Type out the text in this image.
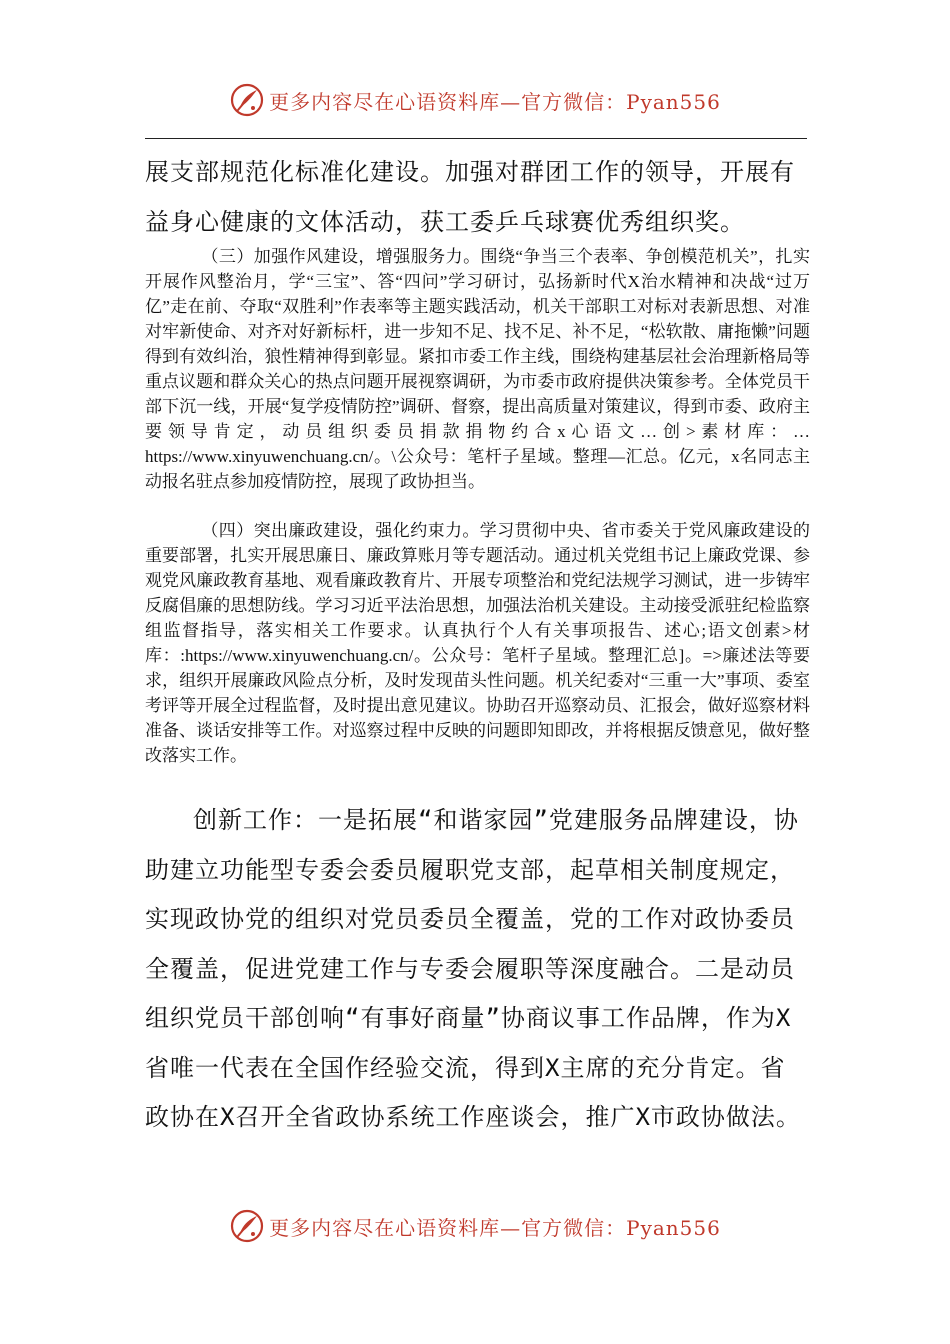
更多内容尽在心语资料库—官方微信：Pyan556

展支部规范化标准化建设。加强对群团工作的领导，开展有益身心健康的文体活动，获工委乒乓球赛优秀组织奖。

（三）加强作风建设，增强服务力。围绕“争当三个表率、争创模范机关”，扎实开展作风整治月，学“三宝”、答“四问”学习研讨，弘扬新时代X治水精神和决战“过万亿”走在前、夺取“双胜利”作表率等主题实践活动，机关干部职工对标对表新思想、对准对牢新使命、对齐对好新标杆，进一步知不足、找不足、补不足，“松软散、庸拖懒”问题得到有效纠治，狼性精神得到彰显。紧扣市委工作主线，围绕构建基层社会治理新格局等重点议题和群众关心的热点问题开展视察调研，为市委市政府提供决策参考。全体党员干部下沉一线，开展“复学疫情防控”调研、督察，提出高质量对策建议，得到市委、政府主要领导肯定，动员组织委员捐款捐物约合x心语文…创>素材库：…https://www.xinyuwenchuang.cn/。\公众号：笔杆子星域。整理—汇总。亿元，x名同志主动报名驻点参加疫情防控，展现了政协担当。

（四）突出廉政建设，强化约束力。学习贯彻中央、省市委关于党风廉政建设的重要部署，扎实开展思廉日、廉政算账月等专题活动。通过机关党组书记上廉政党课、参观党风廉政教育基地、观看廉政教育片、开展专项整治和党纪法规学习测试，进一步铸牢反腐倡廉的思想防线。学习习近平法治思想，加强法治机关建设。主动接受派驻纪检监察组监督指导，落实相关工作要求。认真执行个人有关事项报告、述心;语文创素>材库：:https://www.xinyuwenchuang.cn/。公众号：笔杆子星域。整理汇总]。=>廉述法等要求，组织开展廉政风险点分析，及时发现苗头性问题。机关纪委对“三重一大”事项、委室考评等开展全过程监督，及时提出意见建议。协助召开巡察动员、汇报会，做好巡察材料准备、谈话安排等工作。对巡察过程中反映的问题即知即改，并将根据反馈意见，做好整改落实工作。

创新工作：一是拓展“和谐家园”党建服务品牌建设，协助建立功能型专委会委员履职党支部，起草相关制度规定，实现政协党的组织对党员委员全覆盖，党的工作对政协委员全覆盖，促进党建工作与专委会履职等深度融合。二是动员组织党员干部创响“有事好商量”协商议事工作品牌，作为X省唯一代表在全国作经验交流，得到X主席的充分肯定。省政协在X召开全省政协系统工作座谈会，推广X市政协做法。

更多内容尽在心语资料库—官方微信：Pyan556
